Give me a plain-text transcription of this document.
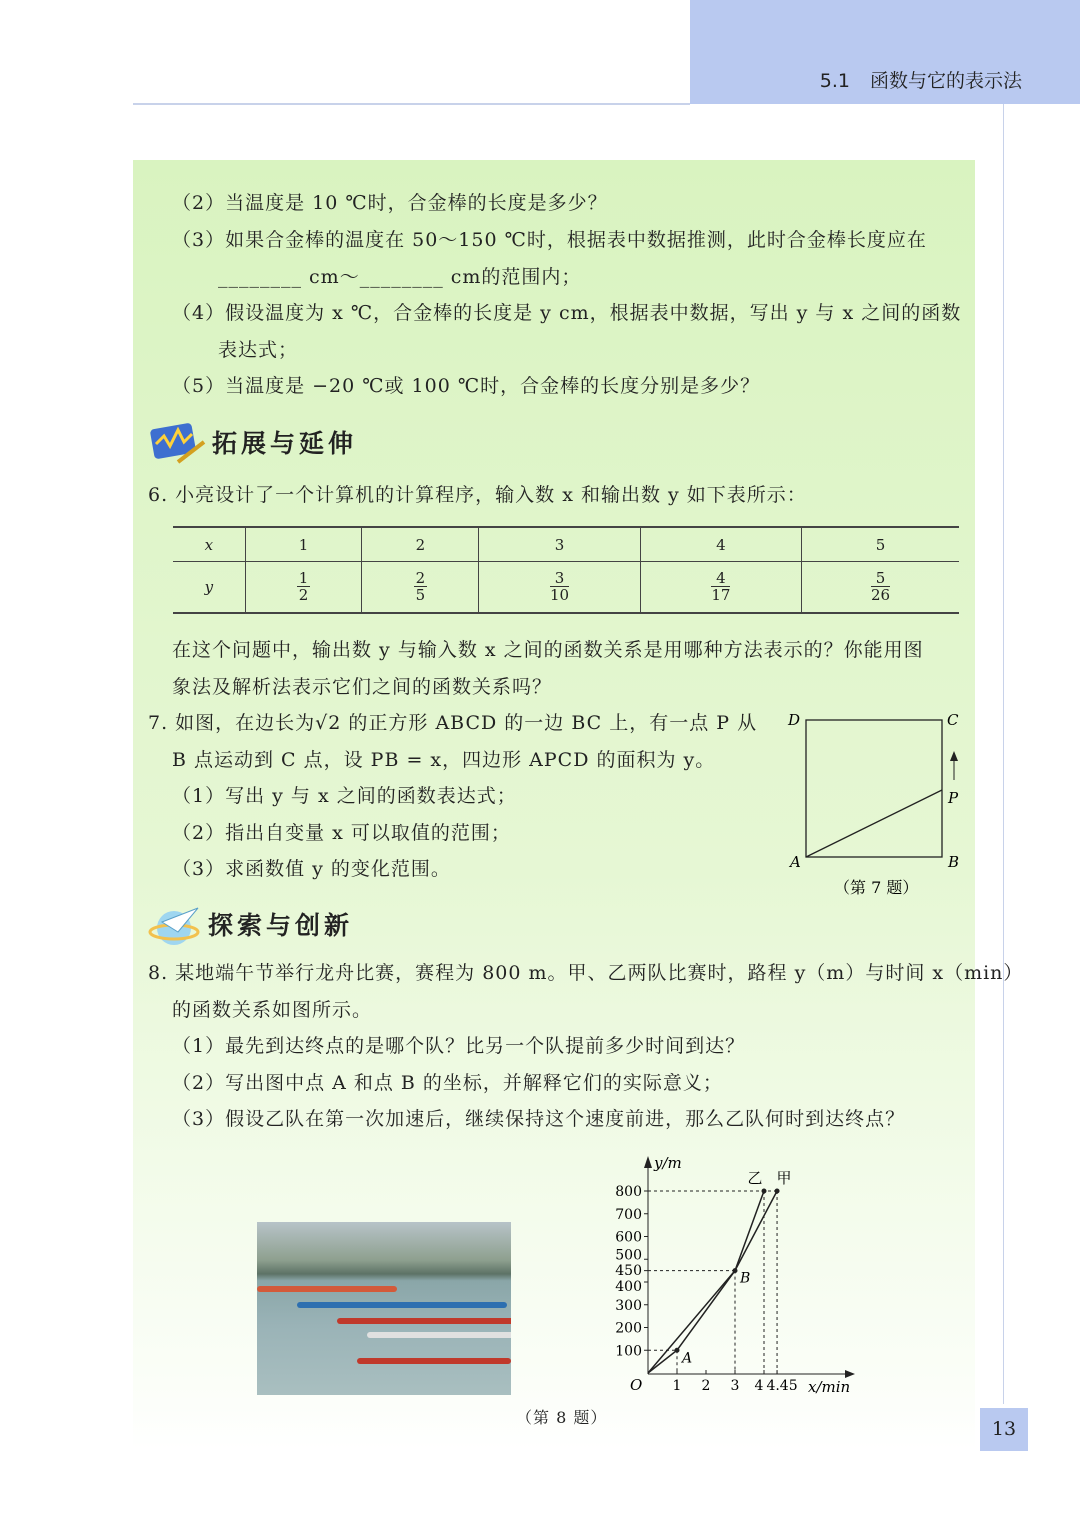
5.1 函数与它的表示法
（2）当温度是 10 ℃时，合金棒的长度是多少？
（3）如果合金棒的温度在 50～150 ℃时，根据表中数据推测，此时合金棒长度应在
________ cm～________ cm的范围内；
（4）假设温度为 x ℃，合金棒的长度是 y cm，根据表中数据，写出 y 与 x 之间的函数
表达式；
（5）当温度是 −20 ℃或 100 ℃时，合金棒的长度分别是多少？
拓展与延伸
6. 小亮设计了一个计算机的计算程序，输入数 x 和输出数 y 如下表所示：
x	1	2	3	4	5
y	$\frac{1}{2}$	$\frac{2}{5}$	$\frac{3}{10}$	$\frac{4}{17}$	$\frac{5}{26}$
在这个问题中，输出数 y 与输入数 x 之间的函数关系是用哪种方法表示的？你能用图
象法及解析法表示它们之间的函数关系吗？
7. 如图，在边长为√2 的正方形 ABCD 的一边 BC 上，有一点 P 从
B 点运动到 C 点，设 PB = x，四边形 APCD 的面积为 y。
（1）写出 y 与 x 之间的函数表达式；
（2）指出自变量 x 可以取值的范围；
（3）求函数值 y 的变化范围。
D	C
P
A	B
（第 7 题）
探索与创新
8. 某地端午节举行龙舟比赛，赛程为 800 m。甲、乙两队比赛时，路程 y（m）与时间 x（min）
的函数关系如图所示。
（1）最先到达终点的是哪个队？比另一个队提前多少时间到达？
（2）写出图中点 A 和点 B 的坐标，并解释它们的实际意义；
（3）假设乙队在第一次加速后，继续保持这个速度前进，那么乙队何时到达终点？
y/m
x/min
O
100
200
300
400
450
500
600
700
800
1 2 3 4 4.45
乙 甲
A
B
（第 8 题）
13
